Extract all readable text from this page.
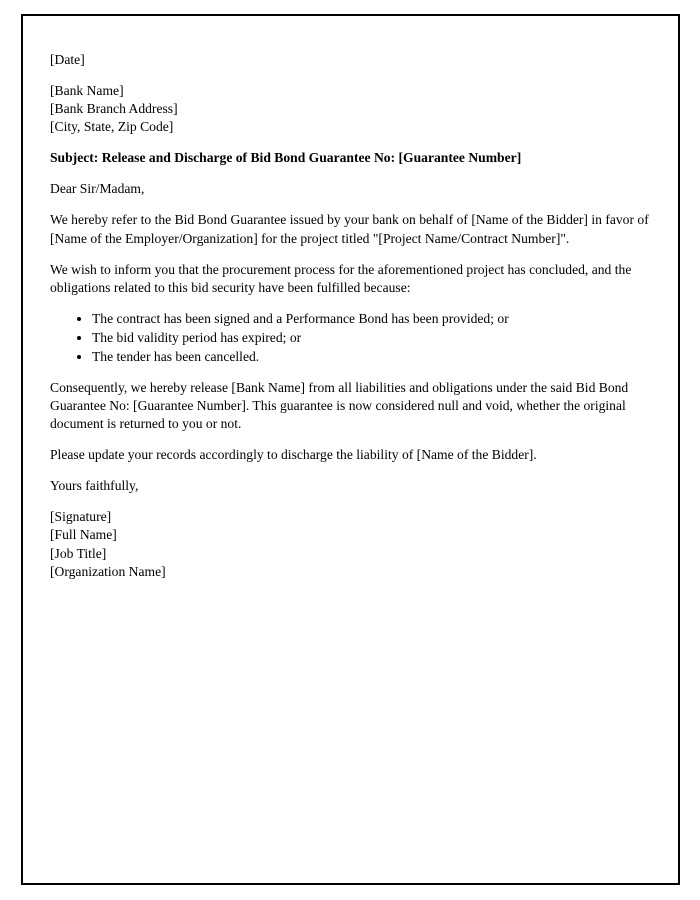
[Date]

[Bank Name]
[Bank Branch Address]
[City, State, Zip Code]

Subject: Release and Discharge of Bid Bond Guarantee No: [Guarantee Number]

Dear Sir/Madam,

We hereby refer to the Bid Bond Guarantee issued by your bank on behalf of [Name of the Bidder] in favor of [Name of the Employer/Organization] for the project titled "[Project Name/Contract Number]".

We wish to inform you that the procurement process for the aforementioned project has concluded, and the obligations related to this bid security have been fulfilled because:

• The contract has been signed and a Performance Bond has been provided; or
• The bid validity period has expired; or
• The tender has been cancelled.

Consequently, we hereby release [Bank Name] from all liabilities and obligations under the said Bid Bond Guarantee No: [Guarantee Number]. This guarantee is now considered null and void, whether the original document is returned to you or not.

Please update your records accordingly to discharge the liability of [Name of the Bidder].

Yours faithfully,

[Signature]
[Full Name]
[Job Title]
[Organization Name]
